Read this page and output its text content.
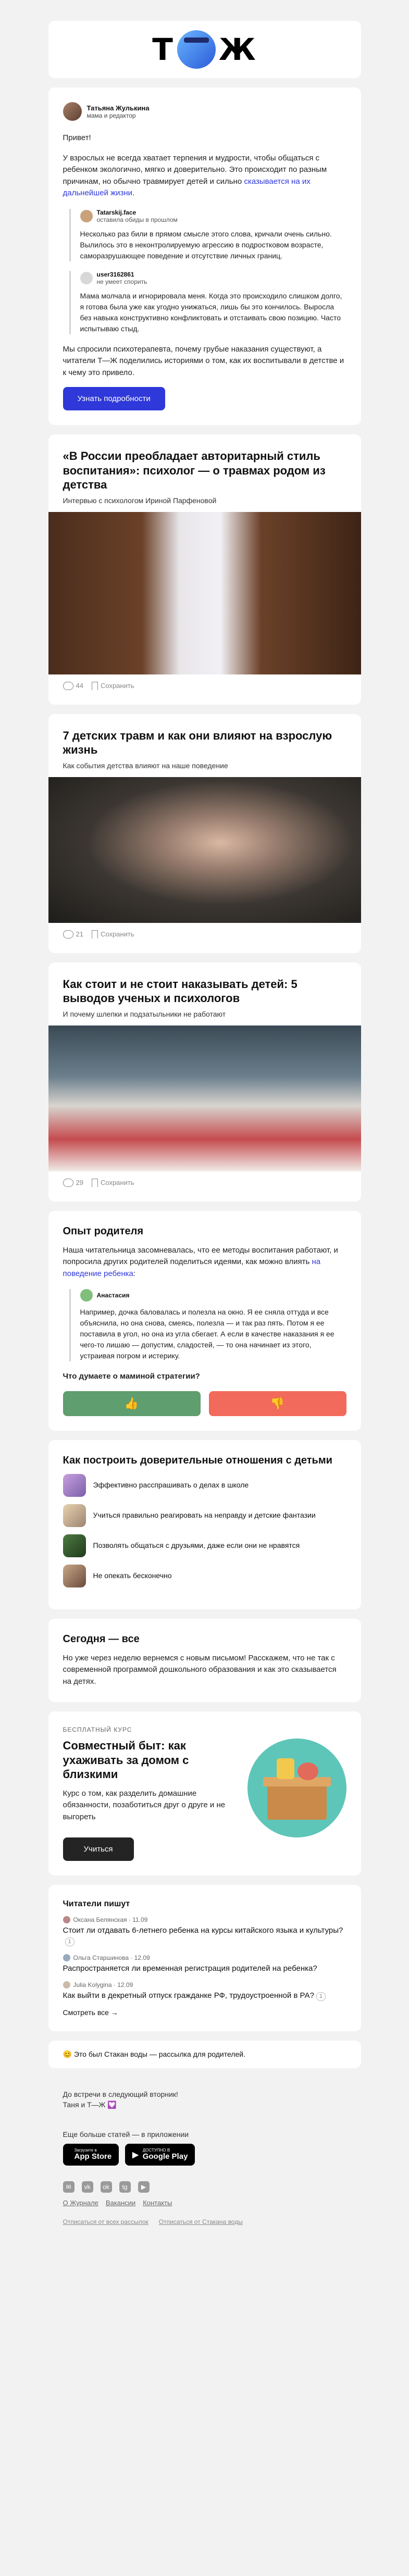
Т Ж
Татьяна Жулькина
мама и редактор

Привет!

У взрослых не всегда хватает терпения и мудрости, чтобы общаться с ребенком экологично, мягко и доверительно. Это происходит по разным причинам, но обычно травмирует детей и сильно сказывается на их дальнейшей жизни.

Tatarskij.face
оставила обиды в прошлом
Несколько раз били в прямом смысле этого слова, кричали очень сильно. Вылилось это в неконтролируемую агрессию в подростковом возрасте, саморазрушающее поведение и отсутствие личных границ.
user3162861
не умеет спорить
Мама молчала и игнорировала меня. Когда это происходило слишком долго, я готова была уже как угодно унижаться, лишь бы это кончилось. Выросла без навыка конструктивно конфликтовать и отстаивать свою позицию. Часто испытываю стыд.

Мы спросили психотерапевта, почему грубые наказания существуют, а читатели Т—Ж поделились историями о том, как их воспитывали в детстве и к чему это привело.

Узнать подробности
«В России преобладает авторитарный стиль воспитания»: психолог — о травмах родом из детства
Интервью с психологом Ириной Парфеновой
44	Сохранить
7 детских травм и как они влияют на взрослую жизнь
Как события детства влияют на наше поведение
21	Сохранить
Как стоит и не стоит наказывать детей: 5 выводов ученых и психологов
И почему шлепки и подзатыльники не работают
29	Сохранить
Опыт родителя

Наша читательница засомневалась, что ее методы воспитания работают, и попросила других родителей поделиться идеями, как можно влиять на поведение ребенка:

Анастасия
Например, дочка баловалась и полезла на окно. Я ее сняла оттуда и все объяснила, но она снова, смеясь, полезла — и так раз пять. Потом я ее поставила в угол, но она из угла сбегает. А если в качестве наказания я ее чего-то лишаю — допустим, сладостей, — то она начинает из этого, устраивая погром и истерику.

Что думаете о маминой стратегии?

👍	👎
Как построить доверительные отношения с детьми
Эффективно расспрашивать о делах в школе
Учиться правильно реагировать на неправду и детские фантазии
Позволять общаться с друзьями, даже если они не нравятся
Не опекать бесконечно
Сегодня — все

Но уже через неделю вернемся с новым письмом! Расскажем, что не так с современной программой дошкольного образования и как это сказывается на детях.

БЕСПЛАТНЫЙ КУРС
Совместный быт: как ухаживать за домом с близкими

Курс о том, как разделить домашние обязанности, позаботиться друг о друге и не выгореть

Учиться
Читатели пишут
Оксана Белянская · 11.09
Стоит ли отдавать 6-летнего ребенка на курсы китайского языка и культуры?1
Ольга Старшинова · 12.09
Распространяется ли временная регистрация родителей на ребенка?
Julia Kolygina · 12.09
Как выйти в декретный отпуск гражданке РФ, трудоустроенной в РА? 1
Смотреть все →
😊 Это был Стакан воды — рассылка для родителей.
До встречи в следующий вторник!
Таня и Т—Ж 💟
Еще больше статей — в приложении
Загрузите в
App Store	▶
ДОСТУПНО В
Google Play
✉	vk	ok	tg	▶
О Журнале Вакансии Контакты
Отписаться от всех рассылок Отписаться от Стакана воды
